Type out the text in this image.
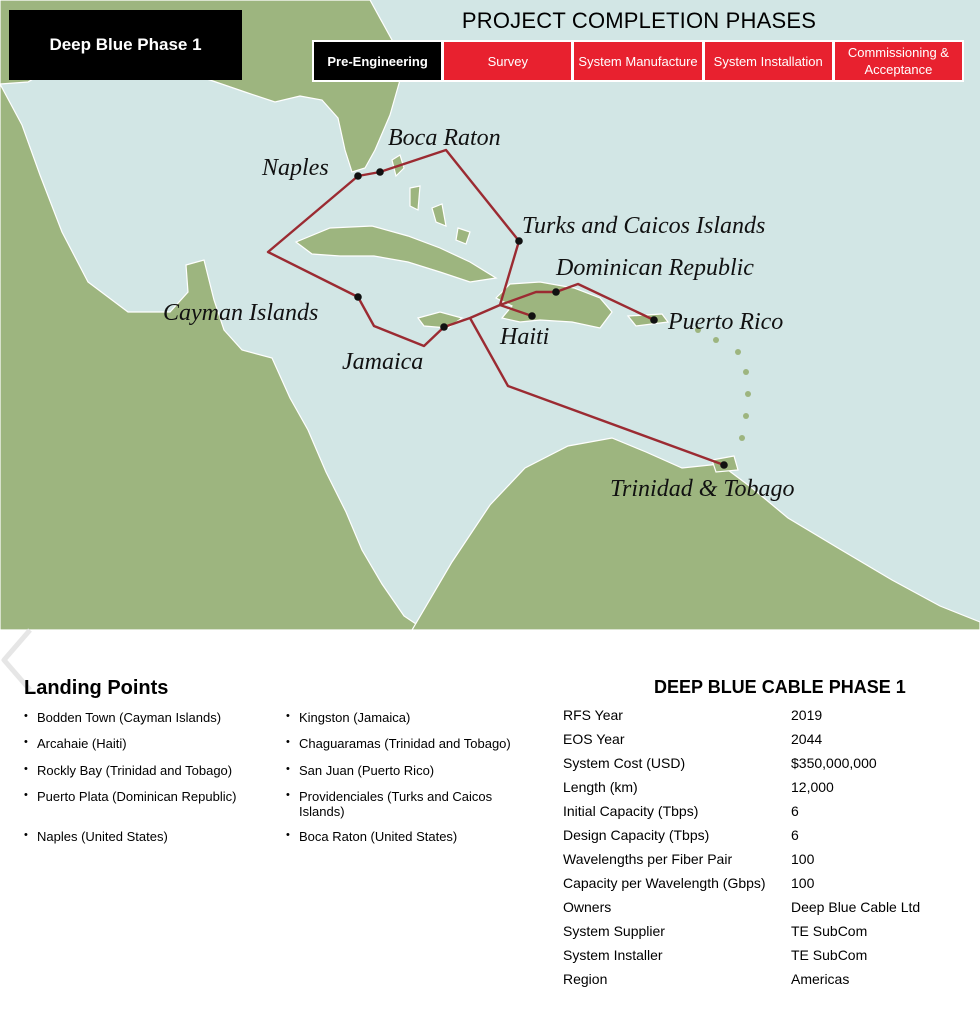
Naples
Boca Raton
Turks and Caicos Islands
Dominican Republic
Puerto Rico
Cayman Islands
Haiti
Jamaica
Trinidad & Tobago
Deep Blue Phase 1
PROJECT COMPLETION PHASES
Pre-Engineering	Survey	System Manufacture	System Installation
Commissioning & Acceptance
Landing Points
• Bodden Town (Cayman Islands)
• Arcahaie (Haiti)
• Rockly Bay (Trinidad and Tobago)
• Puerto Plata (Dominican Republic)
• Naples (United States)
• Kingston (Jamaica)
• Chaguaramas (Trinidad and Tobago)
• San Juan (Puerto Rico)
• Providenciales (Turks and Caicos Islands)
• Boca Raton (United States)
DEEP BLUE CABLE PHASE 1
RFS Year	2019
EOS Year	2044
System Cost (USD)	$350,000,000
Length (km)	12,000
Initial Capacity (Tbps)	6
Design Capacity (Tbps)	6
Wavelengths per Fiber Pair	100
Capacity per Wavelength (Gbps)	100
Owners	Deep Blue Cable Ltd
System Supplier	TE SubCom
System Installer	TE SubCom
Region	Americas
